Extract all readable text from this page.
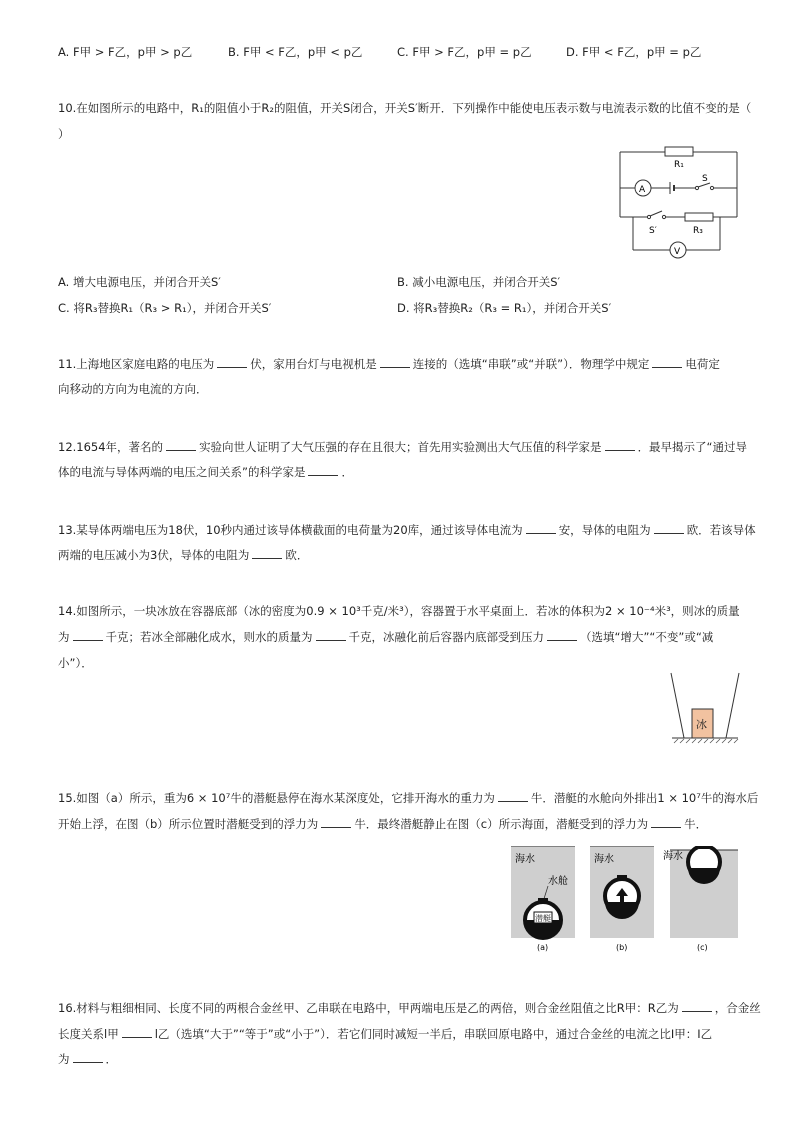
A. F甲 > F乙，p甲 > p乙	B. F甲 < F乙，p甲 < p乙	C. F甲 > F乙，p甲 = p乙	D. F甲 < F乙，p甲 = p乙
10.在如图所示的电路中，R₁的阻值小于R₂的阻值，开关S闭合，开关S′断开．下列操作中能使电压表示数与电流表示数的比值不变的是（
）
R₁
A
S
S′	R₃
V
A. 增大电源电压，并闭合开关S′	B. 减小电源电压，并闭合开关S′
C. 将R₃替换R₁（R₃ > R₁），并闭合开关S′	D. 将R₃替换R₂（R₃ = R₁），并闭合开关S′
11.上海地区家庭电路的电压为	伏，家用台灯与电视机是	连接的（选填“串联”或“并联”）．物理学中规定	电荷定
向移动的方向为电流的方向．
12.1654年，著名的	实验向世人证明了大气压强的存在且很大；首先用实验测出大气压值的科学家是	．最早揭示了“通过导
体的电流与导体两端的电压之间关系”的科学家是	．
13.某导体两端电压为18伏，10秒内通过该导体横截面的电荷量为20库，通过该导体电流为	安，导体的电阻为	欧．若该导体
两端的电压减小为3伏，导体的电阻为	欧．
14.如图所示，一块冰放在容器底部（冰的密度为0.9 × 10³千克/米³），容器置于水平桌面上．若冰的体积为2 × 10⁻⁴米³，则冰的质量
为	千克；若冰全部融化成水，则水的质量为	千克，冰融化前后容器内底部受到压力	（选填“增大”“不变”或“减
小”）．
冰
15.如图（a）所示，重为6 × 10⁷牛的潜艇悬停在海水某深度处，它排开海水的重力为	牛．潜艇的水舱向外排出1 × 10⁷牛的海水后
开始上浮，在图（b）所示位置时潜艇受到的浮力为	牛．最终潜艇静止在图（c）所示海面，潜艇受到的浮力为	牛．
海水
水舱
潜艇
(a)
海水
(b)
海水
(c)
16.材料与粗细相同、长度不同的两根合金丝甲、乙串联在电路中，甲两端电压是乙的两倍，则合金丝阻值之比R甲：R乙为	，合金丝
长度关系l甲	l乙（选填“大于”“等于”或“小于”）．若它们同时减短一半后，串联回原电路中，通过合金丝的电流之比I甲：I乙
为	．
